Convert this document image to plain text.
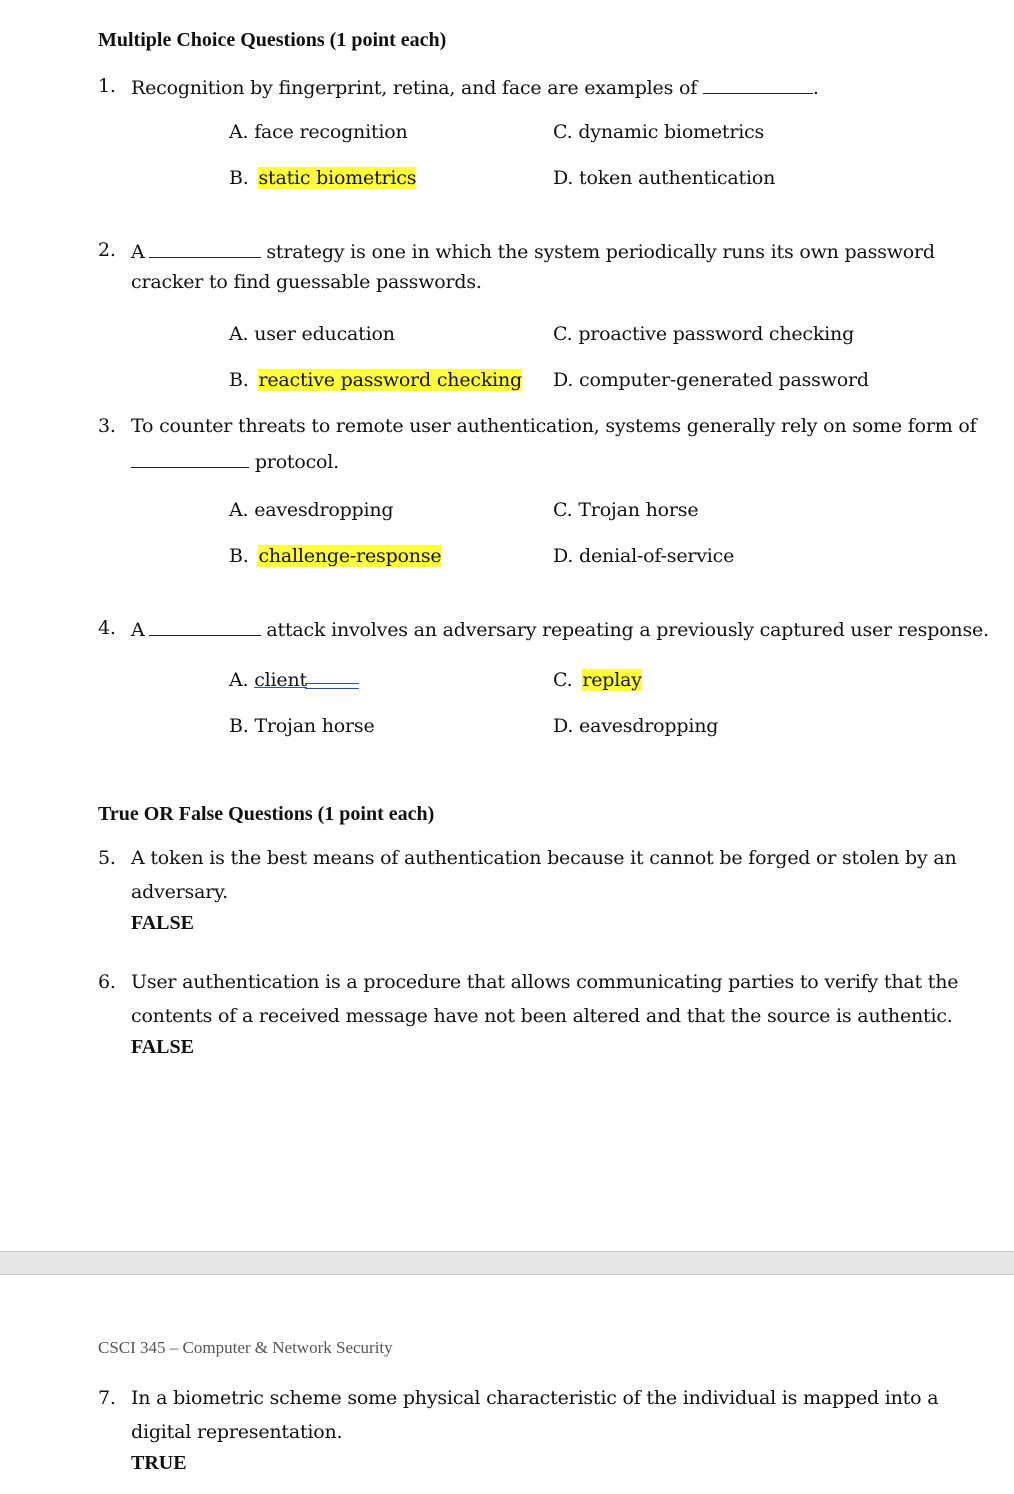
Multiple Choice Questions (1 point each)
1. Recognition by fingerprint, retina, and face are examples of	.
A. face recognition
B. static biometrics
C. dynamic biometrics
D. token authentication
2. A	strategy is one in which the system periodically runs its own password
cracker to find guessable passwords.
A. user education
B. reactive password checking
C. proactive password checking
D. computer-generated password
3. To counter threats to remote user authentication, systems generally rely on some form of
protocol.
A. eavesdropping
B. challenge-response
C. Trojan horse
D. denial-of-service
4. A	attack involves an adversary repeating a previously captured user response.
A. client
B. Trojan horse
C. replay
D. eavesdropping
True OR False Questions (1 point each)
5. A token is the best means of authentication because it cannot be forged or stolen by an
adversary.
FALSE
6. User authentication is a procedure that allows communicating parties to verify that the
contents of a received message have not been altered and that the source is authentic.
FALSE
CSCI 345 – Computer & Network Security
7. In a biometric scheme some physical characteristic of the individual is mapped into a
digital representation.
TRUE
